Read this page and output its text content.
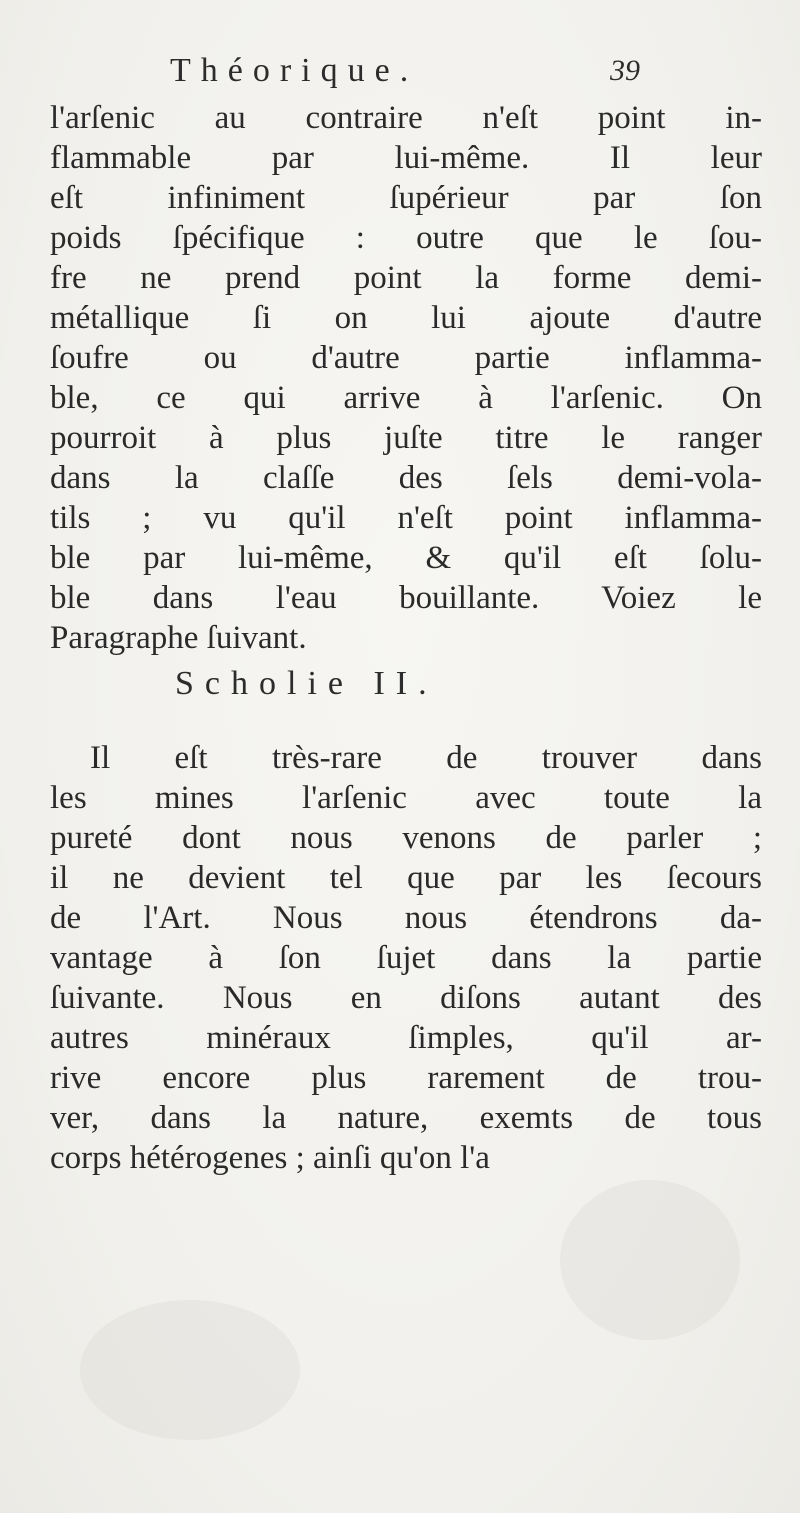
Théorique.	39
l'arſenic au contraire n'eſt point in-
flammable par lui-même. Il leur
eſt infiniment ſupérieur par ſon
poids ſpécifique : outre que le ſou-
fre ne prend point la forme demi-
métallique ſi on lui ajoute d'autre
ſoufre ou d'autre partie inflamma-
ble, ce qui arrive à l'arſenic. On
pourroit à plus juſte titre le ranger
dans la claſſe des ſels demi-vola-
tils ; vu qu'il n'eſt point inflamma-
ble par lui-même, & qu'il eſt ſolu-
ble dans l'eau bouillante. Voiez le
Paragraphe ſuivant.
Scholie II.
Il eſt très-rare de trouver dans
les mines l'arſenic avec toute la
pureté dont nous venons de parler ;
il ne devient tel que par les ſecours
de l'Art. Nous nous étendrons da-
vantage à ſon ſujet dans la partie
ſuivante. Nous en diſons autant des
autres minéraux ſimples, qu'il ar-
rive encore plus rarement de trou-
ver, dans la nature, exemts de tous
corps hétérogenes ; ainſi qu'on l'a
